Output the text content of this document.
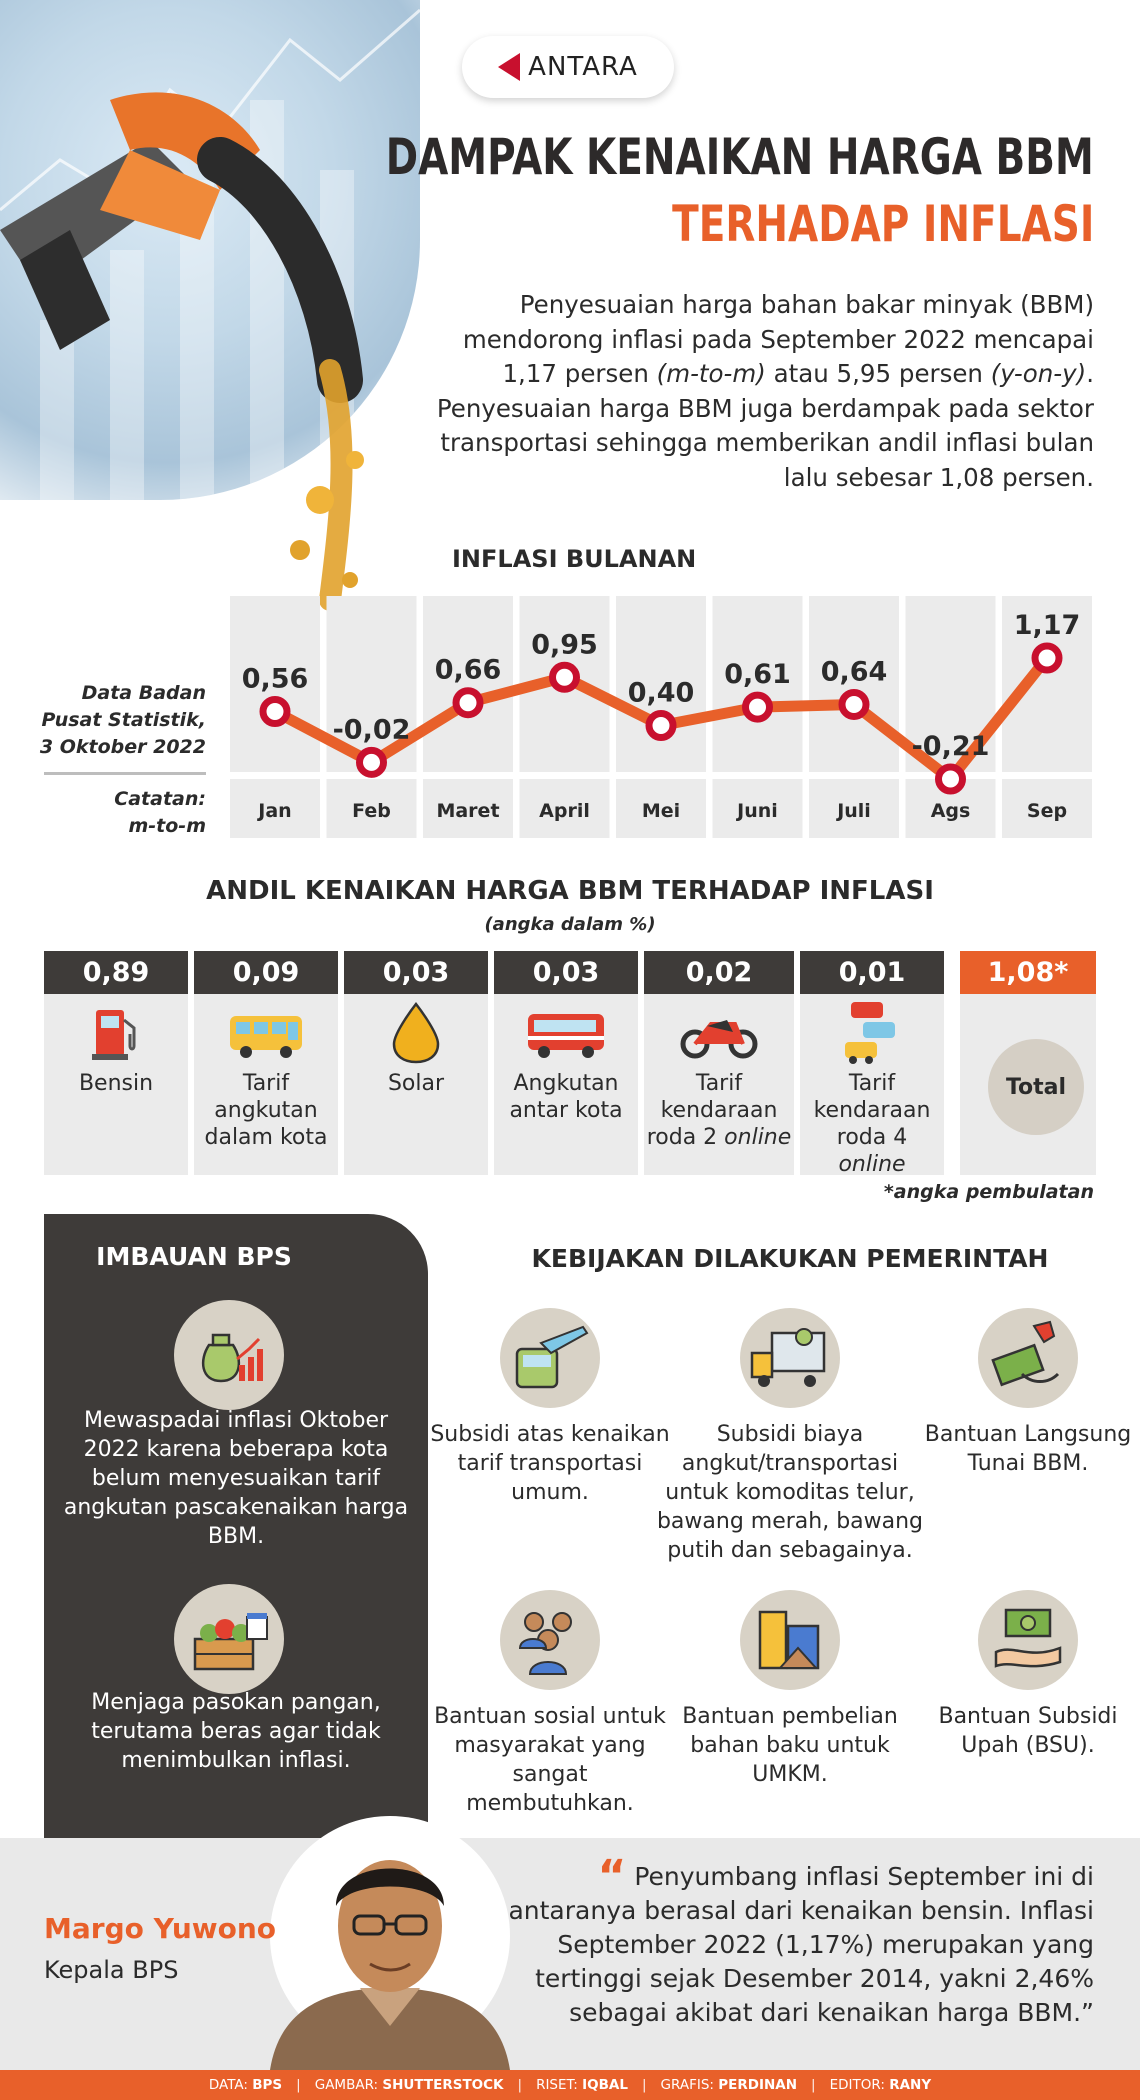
ANTARA
DAMPAK KENAIKAN HARGA BBM
TERHADAP INFLASI
Penyesuaian harga bahan bakar minyak (BBM) mendorong inflasi pada September 2022 mencapai 1,17 persen (m-to-m) atau 5,95 persen (y-on-y). Penyesuaian harga BBM juga berdampak pada sektor transportasi sehingga memberikan andil inflasi bulan lalu sebesar 1,08 persen.
INFLASI BULANAN
Data Badan Pusat Statistik, 3 Oktober 2022
Catatan:
m-to-m
Jan	Feb Maret April	Mei	Juni	Juli	Ags	Sep
0,56
-0,02
0,66
0,95
0,40
0,61 0,64
-0,21
1,17
ANDIL KENAIKAN HARGA BBM TERHADAP INFLASI
(angka dalam %)
0,89
Bensin
0,09
Tarif angkutan dalam kota
0,03
Solar
0,03
Angkutan antar kota
0,02
Tarif kendaraan roda 2 online
0,01
Tarif kendaraan roda 4 online
1,08*
Total
*angka pembulatan
IMBAUAN BPS
Mewaspadai inflasi Oktober 2022 karena beberapa kota belum menyesuaikan tarif angkutan pascakenaikan harga BBM.
Menjaga pasokan pangan, terutama beras agar tidak menimbulkan inflasi.
KEBIJAKAN DILAKUKAN PEMERINTAH
Subsidi atas kenaikan tarif transportasi umum.
Subsidi biaya angkut/transportasi untuk komoditas telur, bawang merah, bawang putih dan sebagainya.
Bantuan Langsung Tunai BBM.
Bantuan sosial untuk masyarakat yang sangat membutuhkan.
Bantuan pembelian bahan baku untuk UMKM.
Bantuan Subsidi Upah (BSU).
Margo Yuwono
Kepala BPS
“ Penyumbang inflasi September ini di antaranya berasal dari kenaikan bensin. Inflasi September 2022 (1,17%) merupakan yang tertinggi sejak Desember 2014, yakni 2,46% sebagai akibat dari kenaikan harga BBM.”
DATA: BPS | GAMBAR: SHUTTERSTOCK | RISET: IQBAL | GRAFIS: PERDINAN | EDITOR: RANY
